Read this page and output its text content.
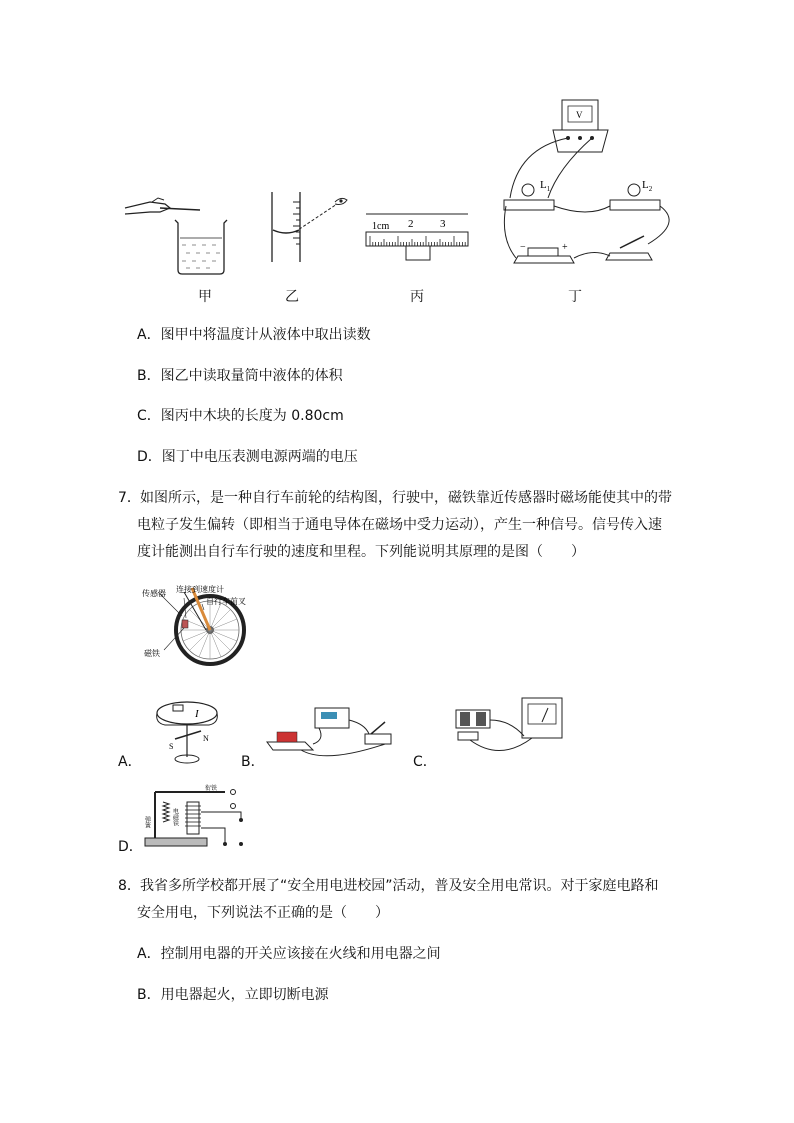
甲	乙
1cm 2 3
丙
V
$L_1$	$L_2$
−	+
丁
A．图甲中将温度计从液体中取出读数
B．图乙中读取量筒中液体的体积
C．图丙中木块的长度为 0.80cm
D．图丁中电压表测电源两端的电压
7． 如图所示，是一种自行车前轮的结构图，行驶中，磁铁靠近传感器时磁场能使其中的带
电粒子发生偏转（即相当于通电导体在磁场中受力运动），产生一种信号。信号传入速
度计能测出自行车行驶的速度和里程。下列能说明其原理的是图（　　）
传感器 连接到速度计
自行车前叉
磁铁
A．
I
S
N
B．	C．
D．
衔铁
弹簧	电磁铁
8． 我省多所学校都开展了“安全用电进校园”活动，普及安全用电常识。对于家庭电路和
安全用电，下列说法不正确的是（　　）
A．控制用电器的开关应该接在火线和用电器之间
B．用电器起火，立即切断电源
